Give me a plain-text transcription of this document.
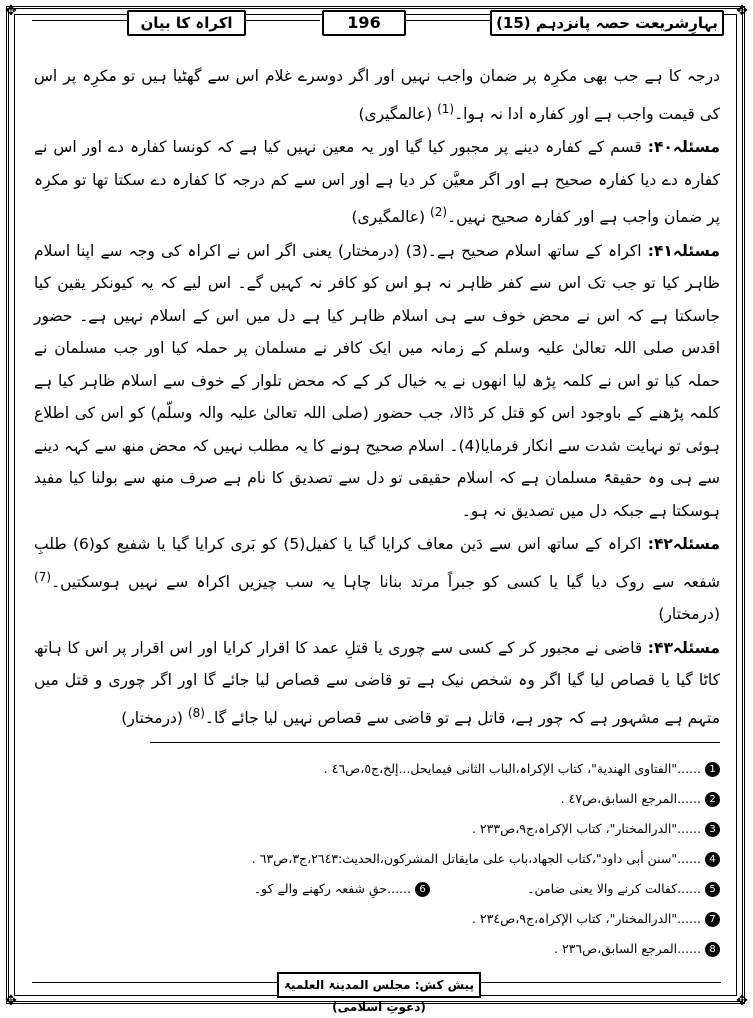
✥	✥
✥	✥
بہارِشریعت حصہ پانزدہم (15)
196
اکراہ کا بیان

درجہ کا ہے جب بھی مکرِہ پر ضمان واجب نہیں اور اگر دوسرے غلام اس سے گھٹیا ہیں تو مکرِہ پر اس کی قیمت واجب ہے اور کفارہ ادا نہ ہوا۔$^{(1)}$ (عالمگیری)

مسئلہ۴۰: قسم کے کفارہ دینے پر مجبور کیا گیا اور یہ معین نہیں کیا ہے کہ کونسا کفارہ دے اور اس نے کفارہ دے دیا کفارہ صحیح ہے اور اگر معیَّن کر دیا ہے اور اس سے کم درجہ کا کفارہ دے سکتا تھا تو مکرِہ پر ضمان واجب ہے اور کفارہ صحیح نہیں۔$^{(2)}$ (عالمگیری)

مسئلہ۴۱: اکراہ کے ساتھ اسلام صحیح ہے۔(3) (درمختار) یعنی اگر اس نے اکراہ کی وجہ سے اپنا اسلام ظاہر کیا تو جب تک اس سے کفر ظاہر نہ ہو اس کو کافر نہ کہیں گے۔ اس لیے کہ یہ کیونکر یقین کیا جاسکتا ہے کہ اس نے محض خوف سے ہی اسلام ظاہر کیا ہے دل میں اس کے اسلام نہیں ہے۔ حضور اقدس صلی اللہ تعالیٰ علیہ وسلم کے زمانہ میں ایک کافر نے مسلمان پر حملہ کیا اور جب مسلمان نے حملہ کیا تو اس نے کلمہ پڑھ لیا انھوں نے یہ خیال کر کے کہ محض تلوار کے خوف سے اسلام ظاہر کیا ہے کلمہ پڑھنے کے باوجود اس کو قتل کر ڈالا، جب حضور (صلی اللہ تعالیٰ علیہ والہ وسلّم) کو اس کی اطلاع ہوئی تو نہایت شدت سے انکار فرمایا(4)۔ اسلام صحیح ہونے کا یہ مطلب نہیں کہ محض منھ سے کہہ دینے سے ہی وہ حقیقۃً مسلمان ہے کہ اسلام حقیقی تو دل سے تصدیق کا نام ہے صرف منھ سے بولنا کیا مفید ہوسکتا ہے جبکہ دل میں تصدیق نہ ہو۔

مسئلہ۴۲: اکراہ کے ساتھ اس سے دَین معاف کرایا گیا یا کفیل(5) کو بَری کرایا گیا یا شفیع کو(6) طلبِ شفعہ سے روک دیا گیا یا کسی کو جبراً مرتد بنانا چاہا یہ سب چیزیں اکراہ سے نہیں ہوسکتیں۔$^{(7)}$ (درمختار)

مسئلہ۴۳: قاضی نے مجبور کر کے کسی سے چوری یا قتلِ عمد کا اقرار کرایا اور اس اقرار پر اس کا ہاتھ کاٹا گیا یا قصاص لیا گیا اگر وہ شخص نیک ہے تو قاضی سے قصاص لیا جائے گا اور اگر چوری و قتل میں متہم ہے مشہور ہے کہ چور ہے، قاتل ہے تو قاضی سے قصاص نہیں لیا جائے گا۔$^{(8)}$ (درمختار)

1......"الفتاوی الھندیة"، کتاب الإکراہ،الباب الثانی فیمایحل...إلخ،ج٥،ص٤٦ .
2......المرجع السابق،ص٤٧ .
3......"الدرالمختار"، کتاب الإکراہ،ج٩،ص٢٣٣ .
4......"سنن أبی داود"،کتاب الجھاد،باب علی مایقاتل المشرکون،الحدیث:٢٦٤٣،ج٣،ص٦٣ .
5......کفالت کرنے والا یعنی ضامن۔
6......حقِ شفعہ رکھنے والے کو۔
7......"الدرالمختار"، کتاب الإکراہ،ج٩،ص٢٣٤ .
8......المرجع السابق،ص٢٣٦ .
پیش کش: مجلس المدینۃ العلمیۃ (دعوتِ اسلامی)
